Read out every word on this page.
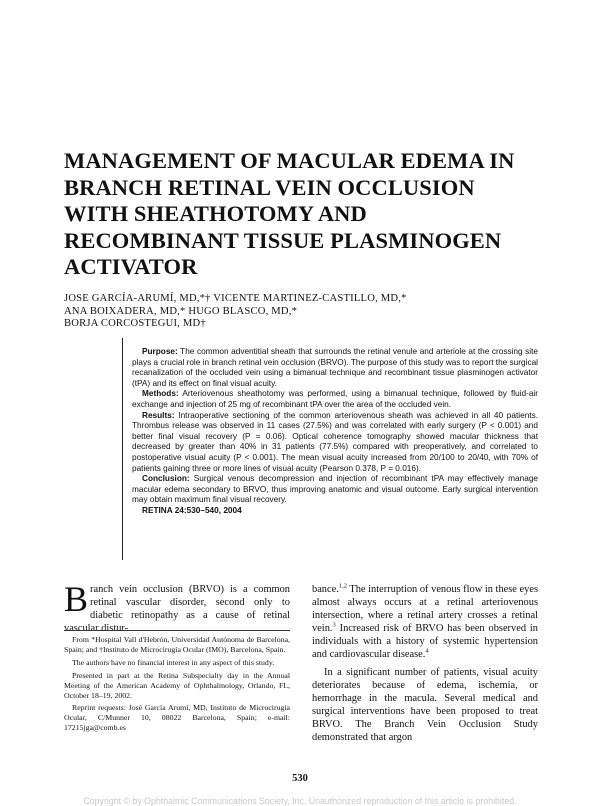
MANAGEMENT OF MACULAR EDEMA IN
BRANCH RETINAL VEIN OCCLUSION
WITH SHEATHOTOMY AND
RECOMBINANT TISSUE PLASMINOGEN
ACTIVATOR
JOSE GARCÍA-ARUMÍ, MD,*† VICENTE MARTINEZ-CASTILLO, MD,*
ANA BOIXADERA, MD,* HUGO BLASCO, MD,*
BORJA CORCOSTEGUI, MD†

Purpose: The common adventitial sheath that surrounds the retinal venule and arteriole at the crossing site plays a crucial role in branch retinal vein occlusion (BRVO). The purpose of this study was to report the surgical recanalization of the occluded vein using a bimanual technique and recombinant tissue plasminogen activator (tPA) and its effect on final visual acuity.

Methods: Arteriovenous sheathotomy was performed, using a bimanual technique, followed by fluid-air exchange and injection of 25 mg of recombinant tPA over the area of the occluded vein.

Results: Intraoperative sectioning of the common arteriovenous sheath was achieved in all 40 patients. Thrombus release was observed in 11 cases (27.5%) and was correlated with early surgery (P < 0.001) and better final visual recovery (P = 0.06). Optical coherence tomography showed macular thickness that decreased by greater than 40% in 31 patients (77.5%) compared with preoperatively, and correlated to postoperative visual acuity (P < 0.001). The mean visual acuity increased from 20/100 to 20/40, with 70% of patients gaining three or more lines of visual acuity (Pearson 0.378, P = 0.016).

Conclusion: Surgical venous decompression and injection of recombinant tPA may effectively manage macular edema secondary to BRVO, thus improving anatomic and visual outcome. Early surgical intervention may obtain maximum final visual recovery.

RETINA 24:530–540, 2004

Branch vein occlusion (BRVO) is a common retinal vascular disorder, second only to diabetic retinopathy as a cause of retinal vascular distur-

From *Hospital Vall d'Hebrón, Universidad Autónoma de Barcelona, Spain; and †Instituto de Microcirugía Ocular (IMO), Barcelona, Spain.

The authors have no financial interest in any aspect of this study.

Presented in part at the Retina Subspecialty day in the Annual Meeting of the American Academy of Ophthalmology, Orlando, FL, October 18–19, 2002.

Reprint requests: José García Arumí, MD, Instituto de Microcirugía Ocular, C/Munner 10, 08022 Barcelona, Spain; e-mail: 17215jga@comb.es

bance.$^{1,2}$ The interruption of venous flow in these eyes almost always occurs at a retinal arteriovenous intersection, where a retinal artery crosses a retinal vein.$^3$ Increased risk of BRVO has been observed in individuals with a history of systemic hypertension and cardiovascular disease.$^4$

In a significant number of patients, visual acuity deteriorates because of edema, ischemia, or hemorrhage in the macula. Several medical and surgical interventions have been proposed to treat BRVO. The Branch Vein Occlusion Study demonstrated that argon

530
Copyright © by Ophthalmic Communications Society, Inc. Unauthorized reproduction of this article is prohibited.
